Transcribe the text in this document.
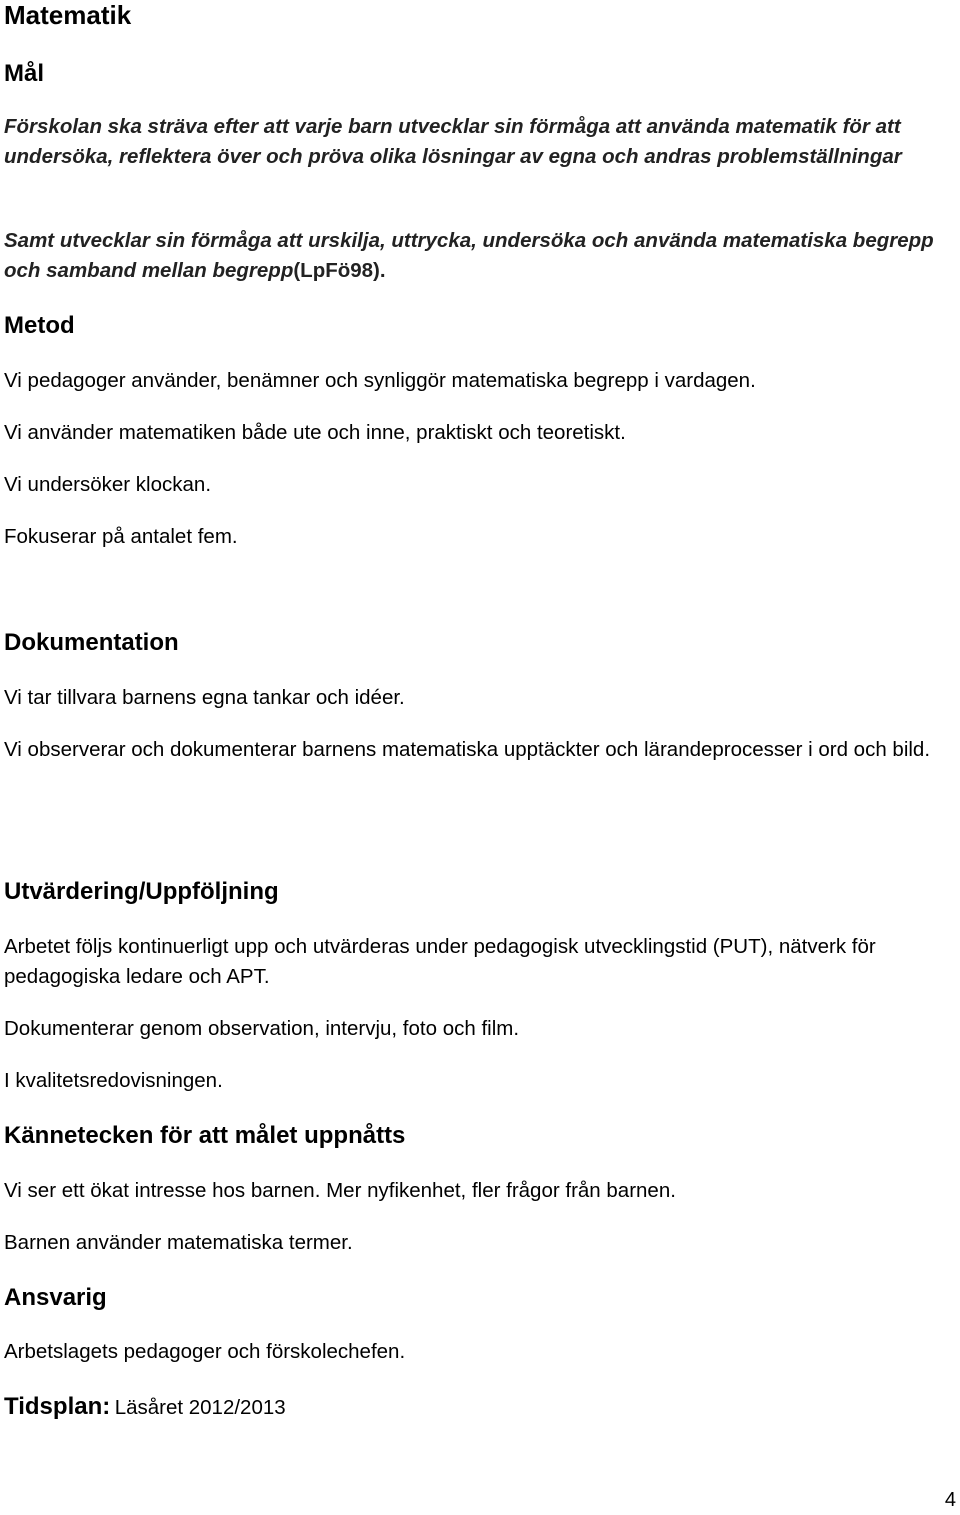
Matematik
Mål
Förskolan ska sträva efter att varje barn utvecklar sin förmåga att använda matematik för att undersöka, reflektera över och pröva olika lösningar av egna och andras problemställningar
Samt utvecklar sin förmåga att urskilja, uttrycka, undersöka och använda matematiska begrepp och samband mellan begrepp(LpFö98).
Metod
Vi pedagoger använder, benämner och synliggör matematiska begrepp i vardagen.
Vi använder matematiken både ute och inne, praktiskt och teoretiskt.
Vi undersöker klockan.
Fokuserar på antalet fem.
Dokumentation
Vi tar tillvara barnens egna tankar och idéer.
Vi observerar och dokumenterar barnens matematiska upptäckter och lärandeprocesser i ord och bild.
Utvärdering/Uppföljning
Arbetet följs kontinuerligt upp och utvärderas under pedagogisk utvecklingstid (PUT), nätverk för pedagogiska ledare och APT.
Dokumenterar genom observation, intervju, foto och film.
I kvalitetsredovisningen.
Kännetecken för att målet uppnåtts
Vi ser ett ökat intresse hos barnen. Mer nyfikenhet, fler frågor från barnen.
Barnen använder matematiska termer.
Ansvarig
Arbetslagets pedagoger och förskolechefen.
Tidsplan: Läsåret 2012/2013
4
